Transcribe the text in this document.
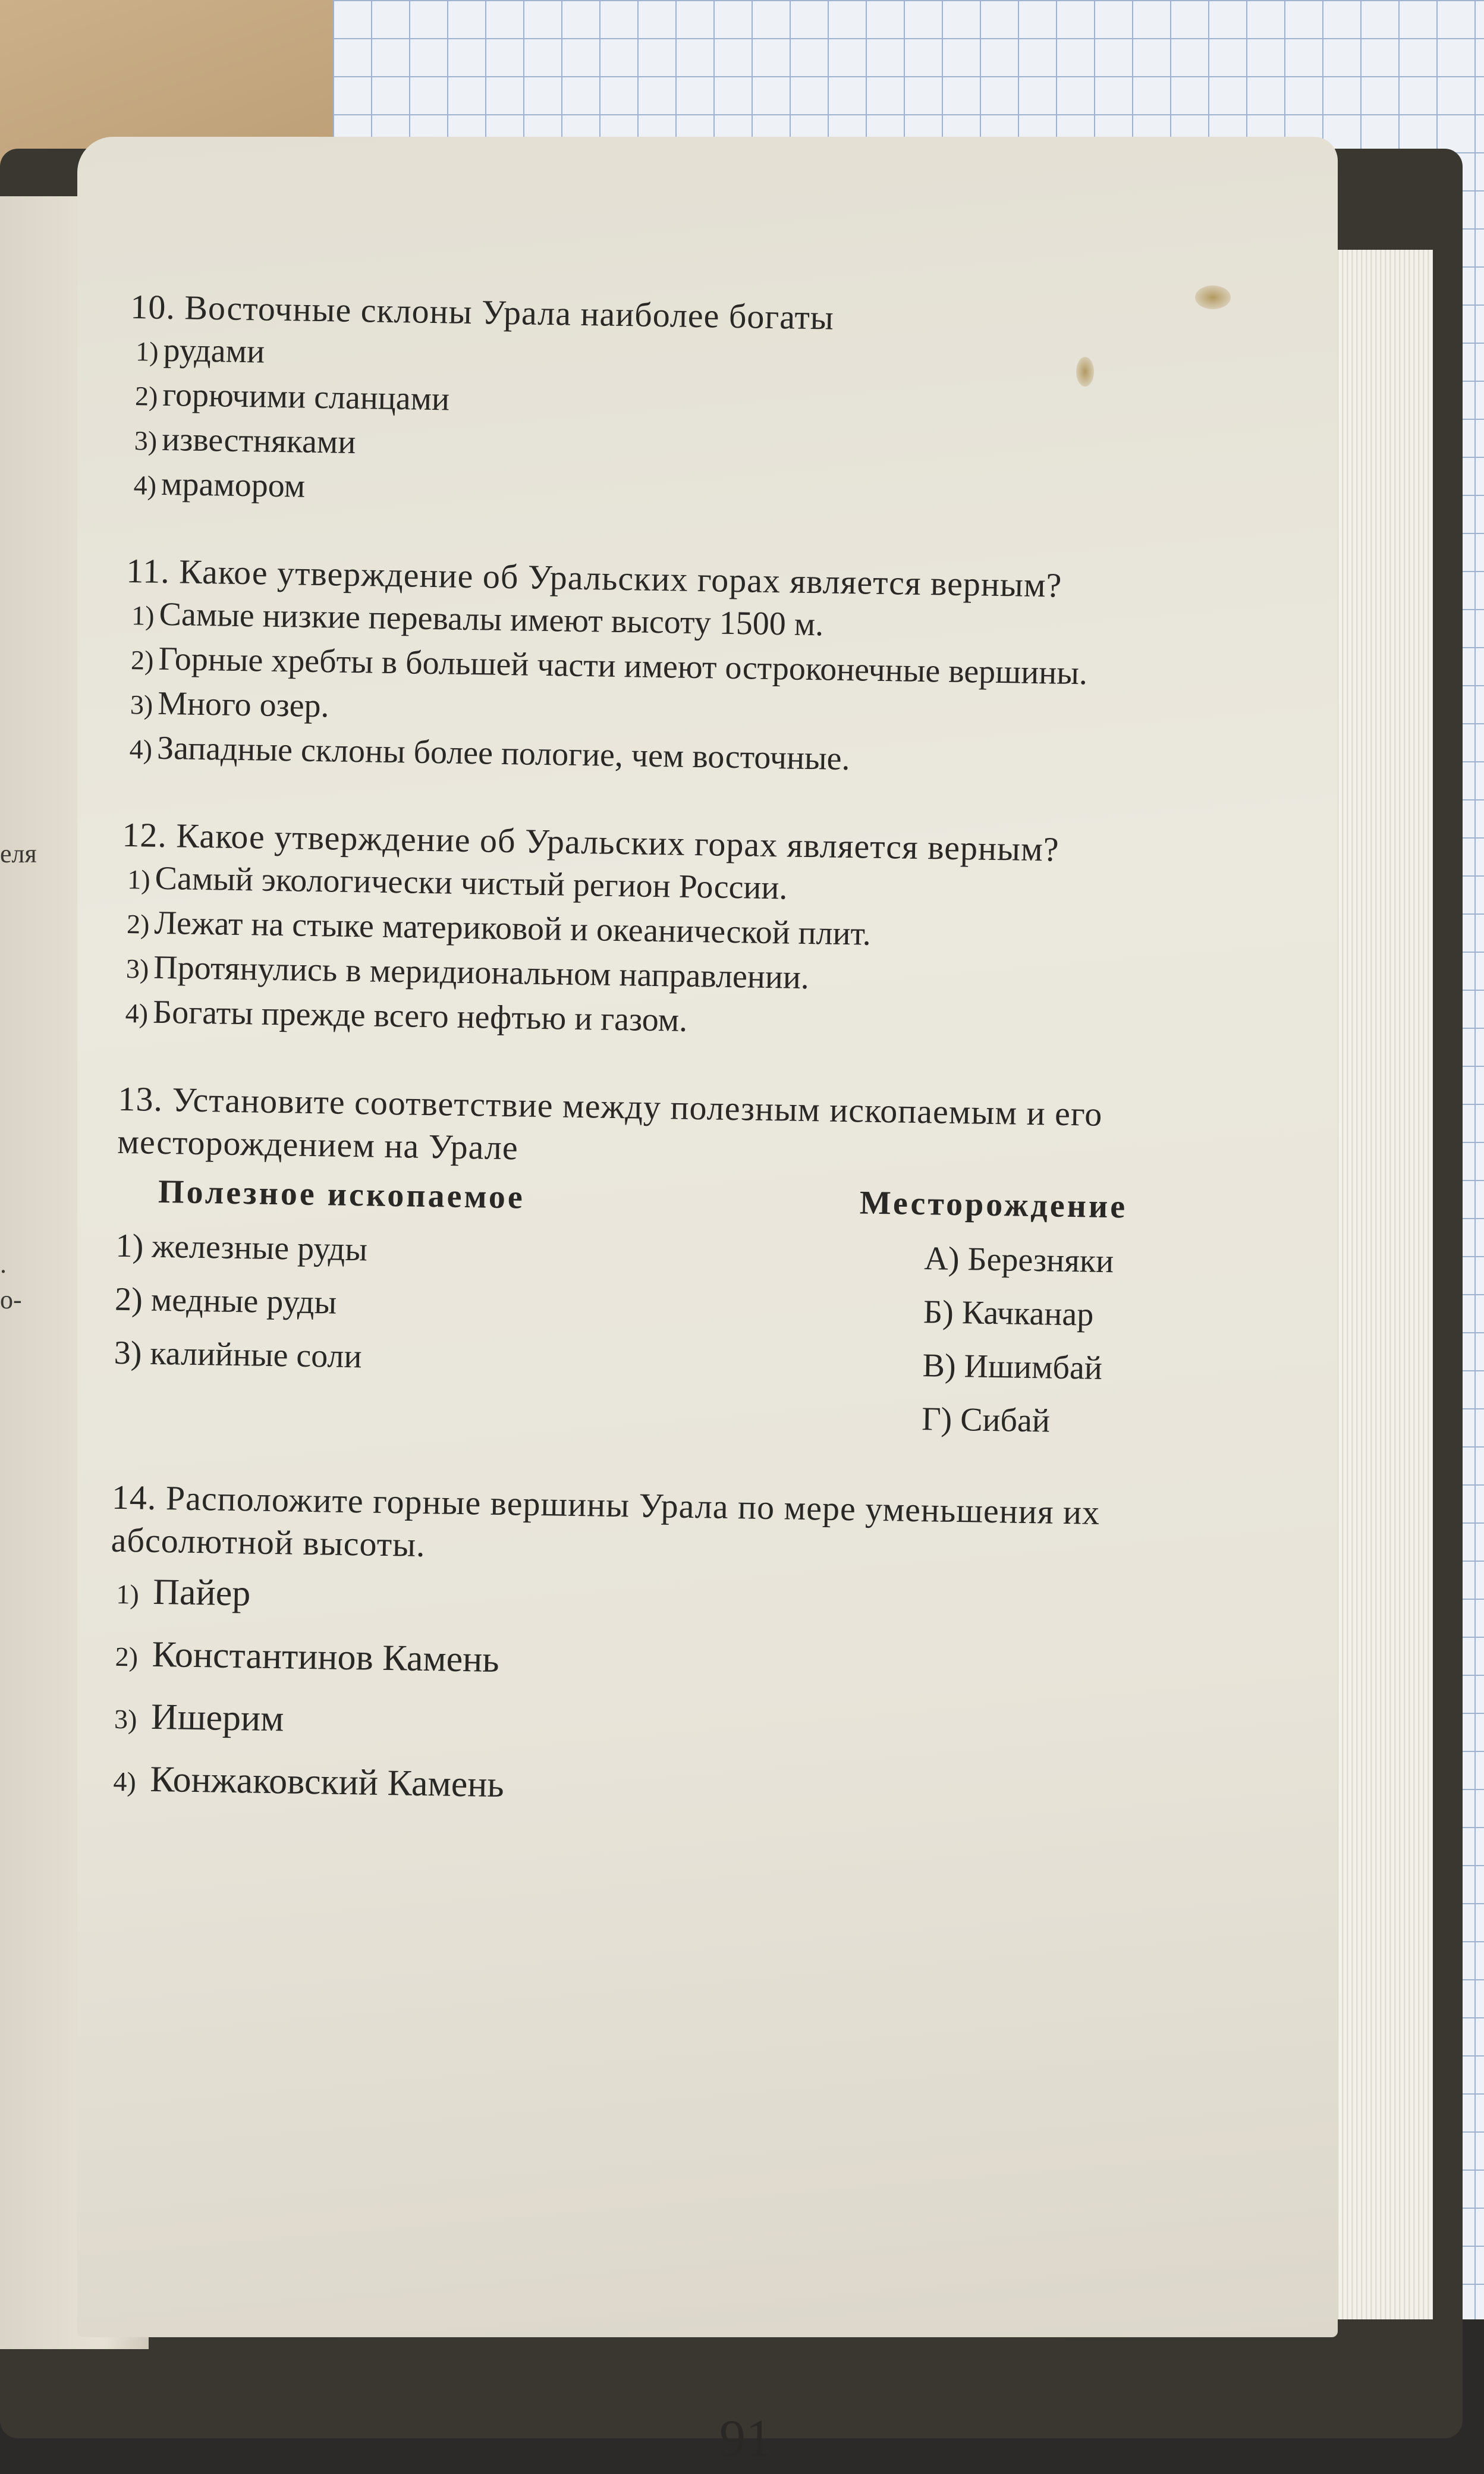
еля
.
о-

10. Восточные склоны Урала наиболее богаты

1) рудами

2) горючими сланцами

3) известняками

4) мрамором

11. Какое утверждение об Уральских горах является верным?

1) Самые низкие перевалы имеют высоту 1500 м.

2) Горные хребты в большей части имеют остроконечные вершины.

3) Много озер.

4) Западные склоны более пологие, чем восточные.

12. Какое утверждение об Уральских горах является верным?

1) Самый экологически чистый регион России.

2) Лежат на стыке материковой и океанической плит.

3) Протянулись в меридиональном направлении.

4) Богаты прежде всего нефтью и газом.

13. Установите соответствие между полезным ископаемым и его месторождением на Урале

Полезное ископаемое

1) железные руды

2) медные руды

3) калийные соли

Месторождение

А) Березняки

Б) Качканар

В) Ишимбай

Г) Сибай

14. Расположите горные вершины Урала по мере уменьшения их абсолютной высоты.

1) Пайер

2) Константинов Камень

3) Ишерим

4) Конжаковский Камень

91
